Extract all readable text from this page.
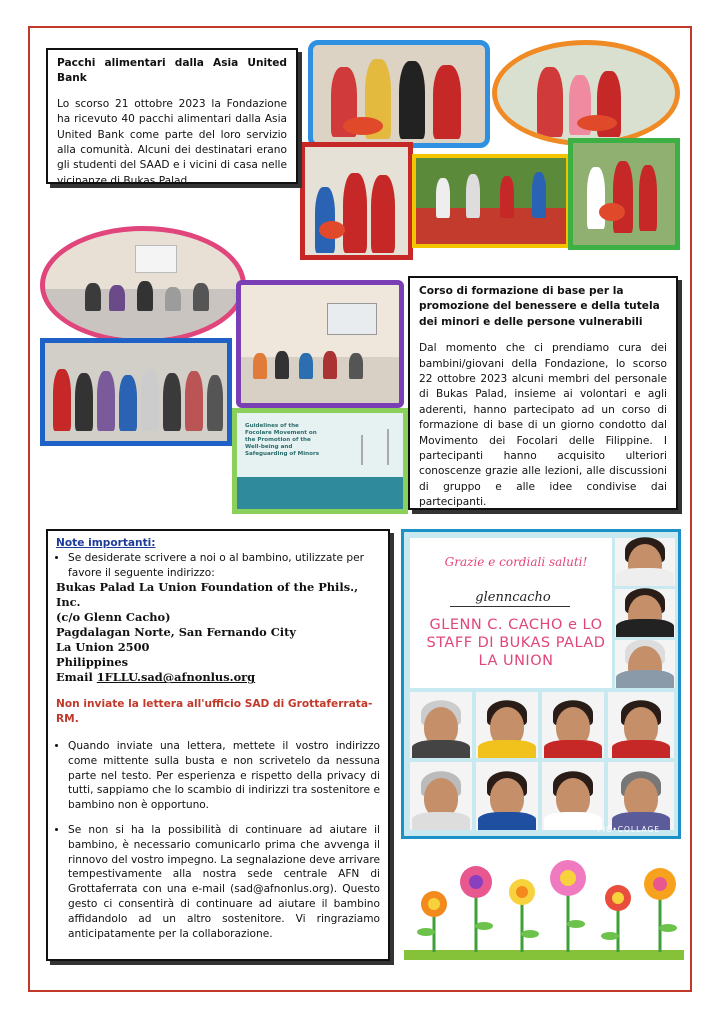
Pacchi alimentari dalla Asia United Bank
Lo scorso 21 ottobre 2023 la Fondazione ha ricevuto 40 pacchi alimentari dalla Asia United Bank come parte del loro servizio alla comunità. Alcuni dei destinatari erano gli studenti del SAAD e i vicini di casa nelle vicinanze di Bukas Palad.
Guidelines of the Focolare Movement on the Promotion of the Well-being and Safeguarding of Minors
Corso di formazione di base per la promozione del benessere e della tutela dei minori e delle persone vulnerabili
Dal momento che ci prendiamo cura dei bambini/giovani della Fondazione, lo scorso 22 ottobre 2023 alcuni membri del personale di Bukas Palad, insieme ai volontari e agli aderenti, hanno partecipato ad un corso di formazione di base di un giorno condotto dal Movimento dei Focolari delle Filippine. I partecipanti hanno acquisito ulteriori conoscenze grazie alle lezioni, alle discussioni di gruppo e alle idee condivise dai partecipanti.
Note importanti:
• Se desiderate scrivere a noi o al bambino, utilizzate per favore il seguente indirizzo:
Bukas Palad La Union Foundation of the Phils., Inc.
(c/o Glenn Cacho)
Pagdalagan Norte, San Fernando City
La Union 2500
Philippines
Email 1FLLU.sad@afnonlus.org
Non inviate la lettera all'ufficio SAD di Grottaferrata-RM.
• Quando inviate una lettera, mettete il vostro indirizzo come mittente sulla busta e non scrivetelo da nessuna parte nel testo. Per esperienza e rispetto della privacy di tutti, sappiamo che lo scambio di indirizzi tra sostenitore e bambino non è opportuno.
• Se non si ha la possibilità di continuare ad aiutare il bambino, è necessario comunicarlo prima che avvenga il rinnovo del vostro impegno. La segnalazione deve arrivare tempestivamente alla nostra sede centrale AFN di Grottaferrata con una e-mail (sad@afnonlus.org). Questo gesto ci consentirà di continuare ad aiutare il bambino affidandolo ad un altro sostenitore. Vi ringraziamo anticipatamente per la collaborazione.
Grazie e cordiali saluti!
glenncacho
GLENN C. CACHO e LO STAFF DI BUKAS PALAD LA UNION
PIC•COLLAGE
